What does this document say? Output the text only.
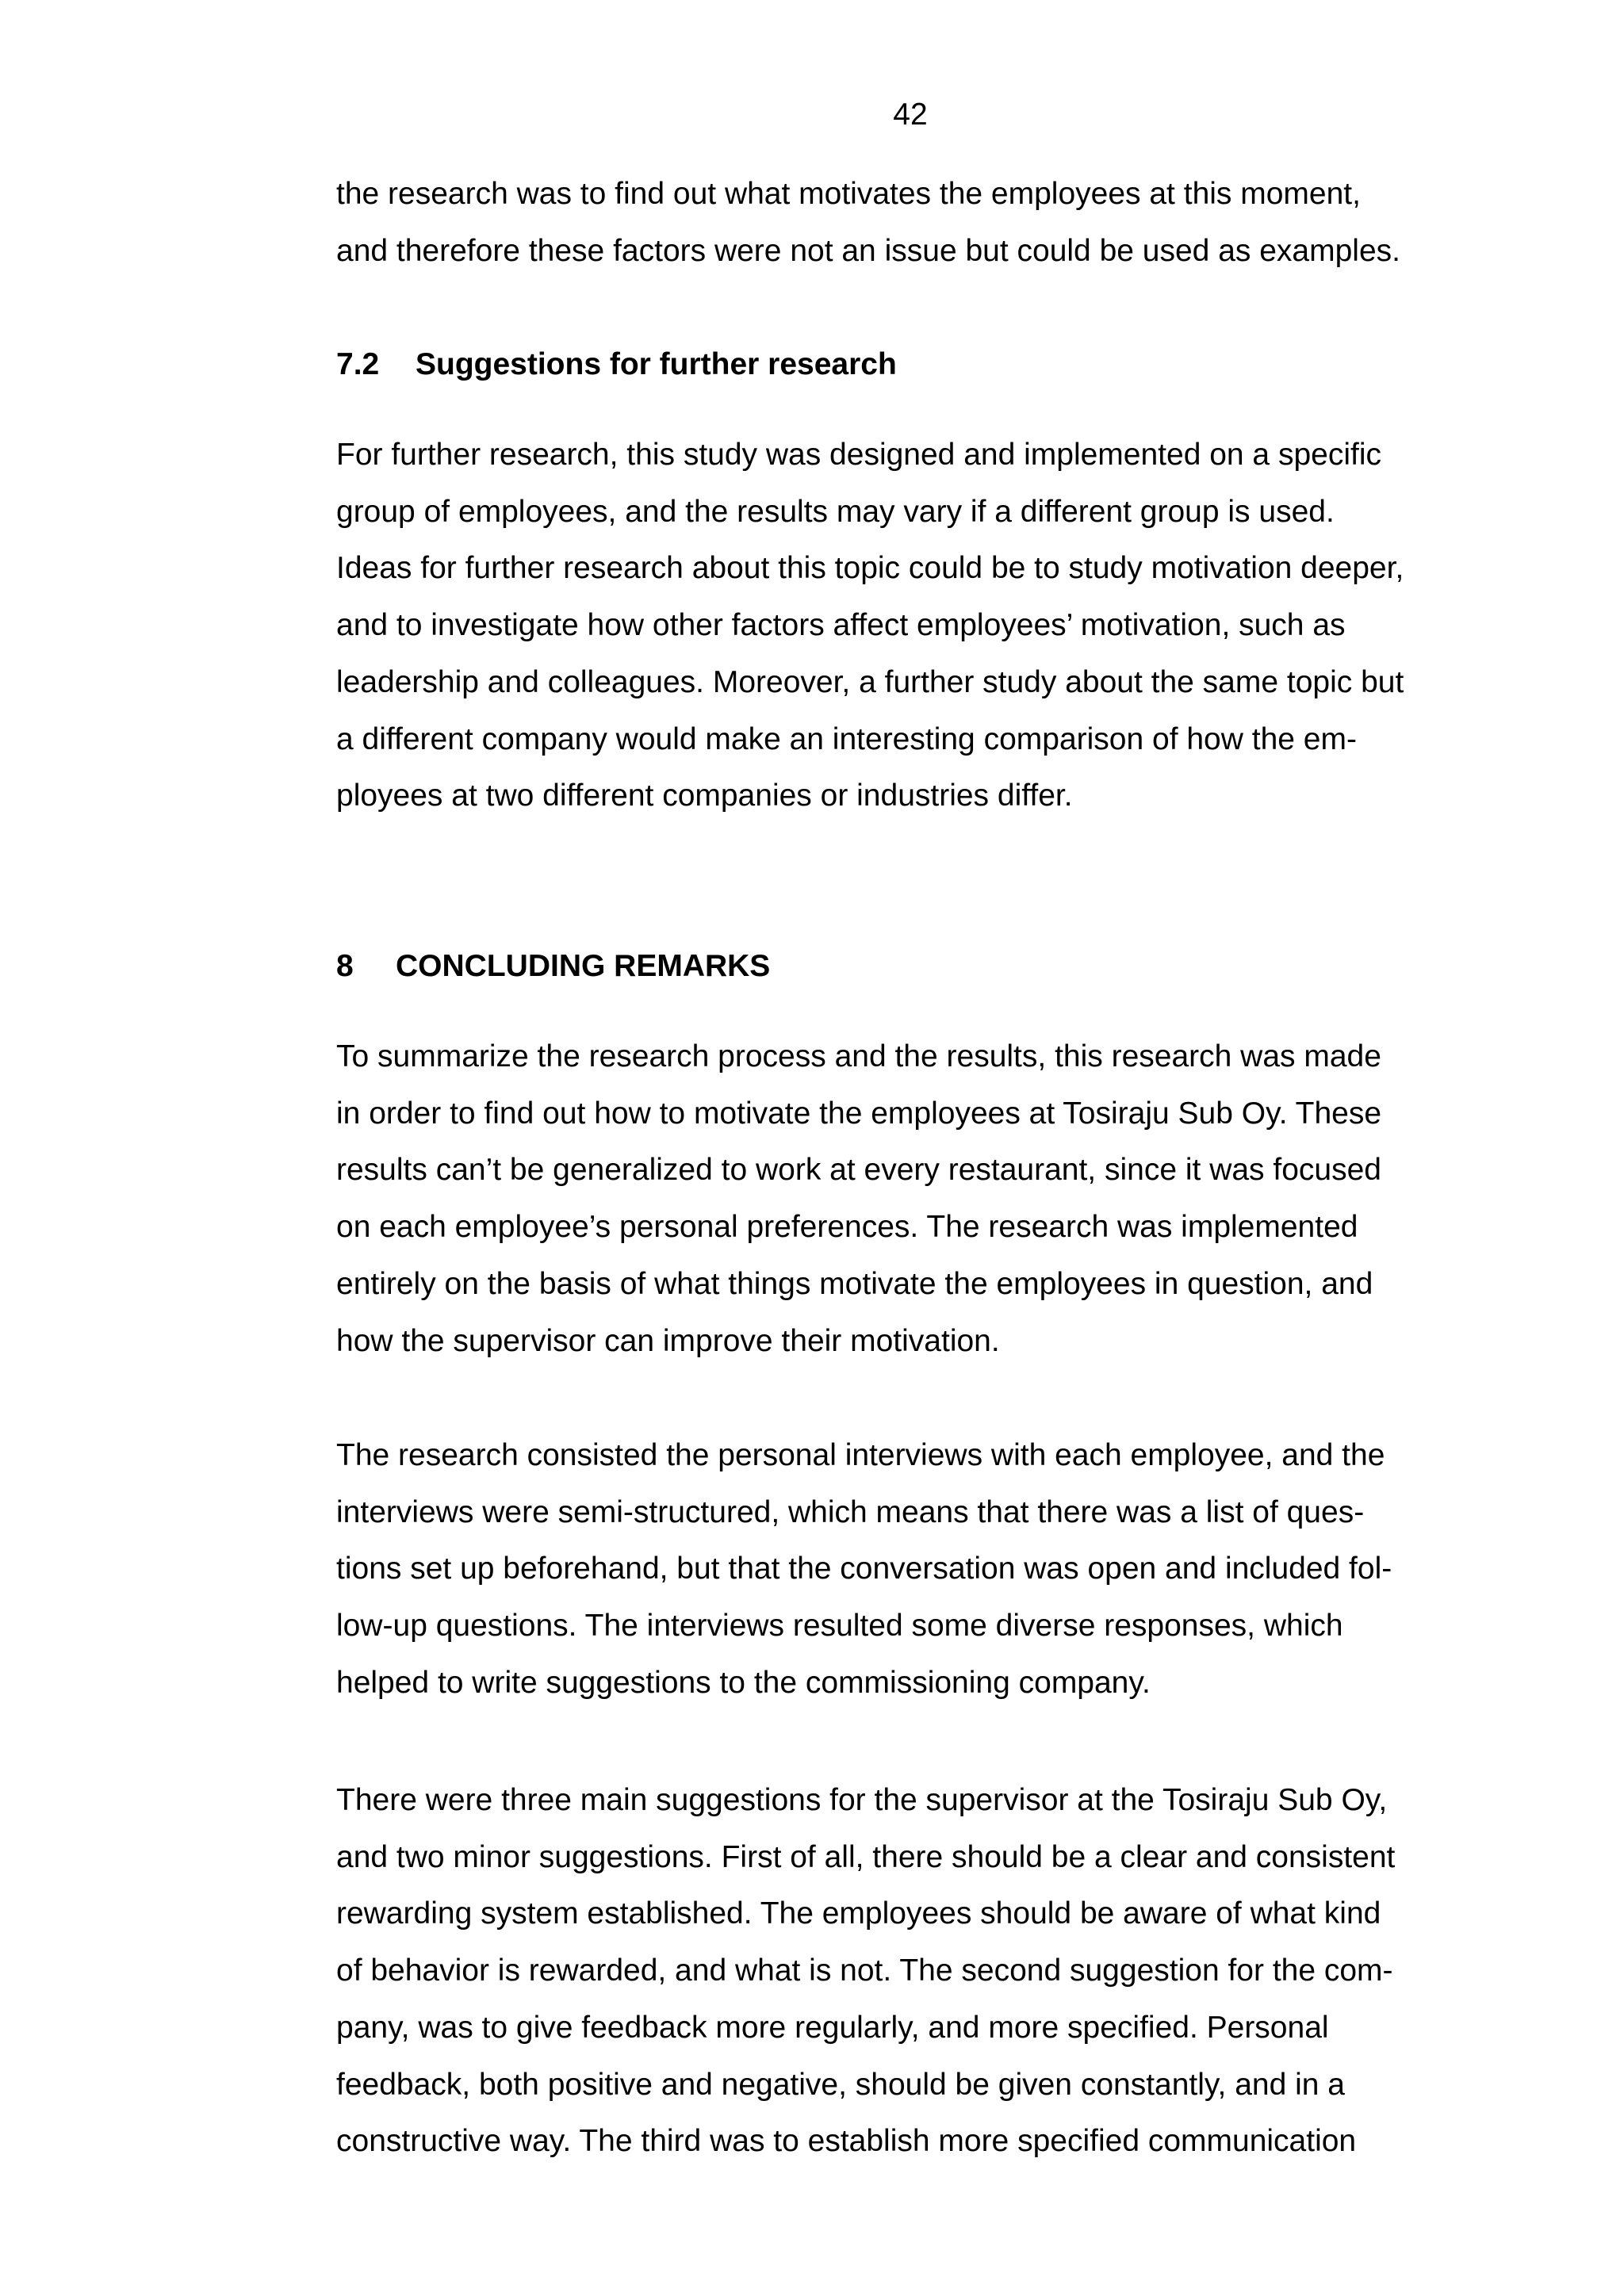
42

the research was to find out what motivates the employees at this moment,
and therefore these factors were not an issue but could be used as examples.

7.2 Suggestions for further research

For further research, this study was designed and implemented on a specific
group of employees, and the results may vary if a different group is used.
Ideas for further research about this topic could be to study motivation deeper,
and to investigate how other factors affect employees’ motivation, such as
leadership and colleagues. Moreover, a further study about the same topic but
a different company would make an interesting comparison of how the em-
ployees at two different companies or industries differ.

8 CONCLUDING REMARKS

To summarize the research process and the results, this research was made
in order to find out how to motivate the employees at Tosiraju Sub Oy. These
results can’t be generalized to work at every restaurant, since it was focused
on each employee’s personal preferences. The research was implemented
entirely on the basis of what things motivate the employees in question, and
how the supervisor can improve their motivation.

The research consisted the personal interviews with each employee, and the
interviews were semi-structured, which means that there was a list of ques-
tions set up beforehand, but that the conversation was open and included fol-
low-up questions. The interviews resulted some diverse responses, which
helped to write suggestions to the commissioning company.

There were three main suggestions for the supervisor at the Tosiraju Sub Oy,
and two minor suggestions. First of all, there should be a clear and consistent
rewarding system established. The employees should be aware of what kind
of behavior is rewarded, and what is not. The second suggestion for the com-
pany, was to give feedback more regularly, and more specified. Personal
feedback, both positive and negative, should be given constantly, and in a
constructive way. The third was to establish more specified communication
